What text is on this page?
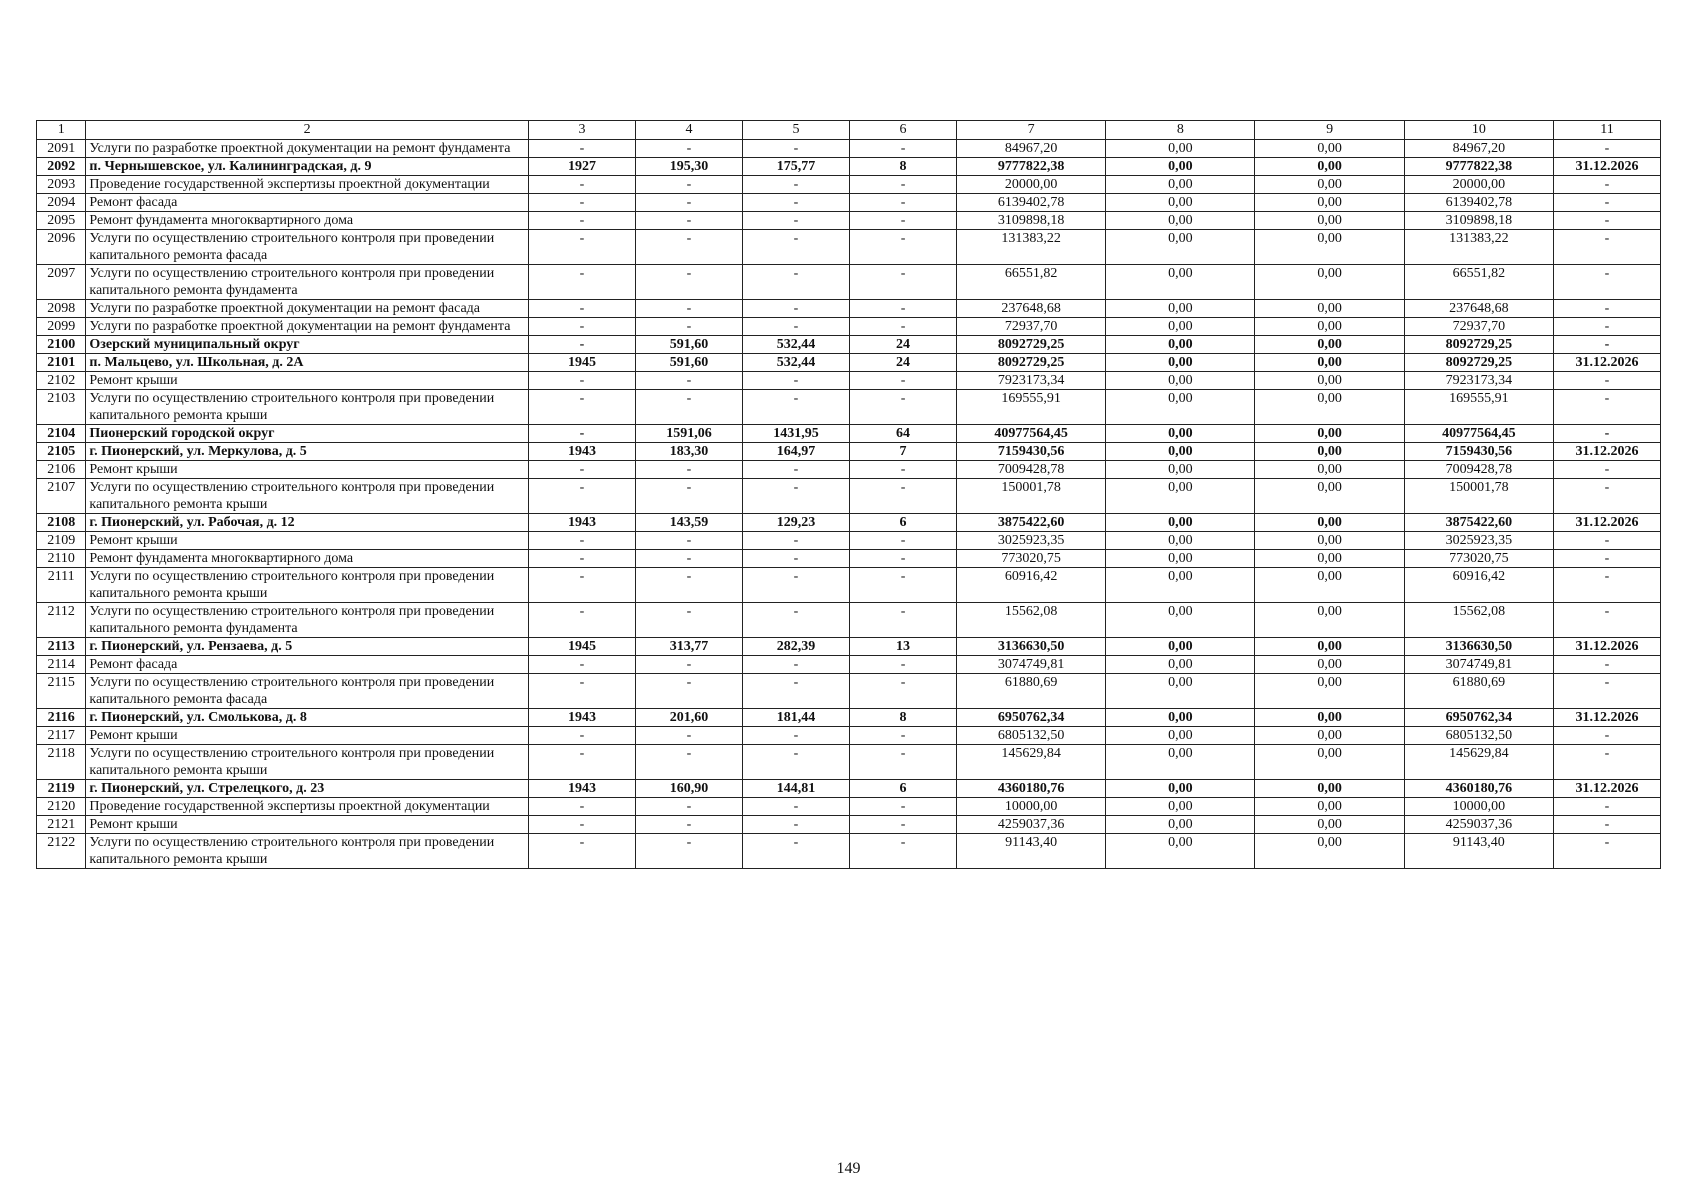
1	2	3	4	5	6	7	8	9	10	11
2091	Услуги по разработке проектной документации на ремонт фундамента	-	-	-	-	84967,20	0,00	0,00	84967,20	-
2092	п. Чернышевское, ул. Калининградская, д. 9	1927	195,30	175,77	8	9777822,38	0,00	0,00	9777822,38	31.12.2026
2093	Проведение государственной экспертизы проектной документации	-	-	-	-	20000,00	0,00	0,00	20000,00	-
2094	Ремонт фасада	-	-	-	-	6139402,78	0,00	0,00	6139402,78	-
2095	Ремонт фундамента многоквартирного дома	-	-	-	-	3109898,18	0,00	0,00	3109898,18	-
2096	Услуги по осуществлению строительного контроля при проведении капитального ремонта фасада	-	-	-	-	131383,22	0,00	0,00	131383,22	-
2097	Услуги по осуществлению строительного контроля при проведении капитального ремонта фундамента	-	-	-	-	66551,82	0,00	0,00	66551,82	-
2098	Услуги по разработке проектной документации на ремонт фасада	-	-	-	-	237648,68	0,00	0,00	237648,68	-
2099	Услуги по разработке проектной документации на ремонт фундамента	-	-	-	-	72937,70	0,00	0,00	72937,70	-
2100	Озерский муниципальный округ	-	591,60	532,44	24	8092729,25	0,00	0,00	8092729,25	-
2101	п. Мальцево, ул. Школьная, д. 2А	1945	591,60	532,44	24	8092729,25	0,00	0,00	8092729,25	31.12.2026
2102	Ремонт крыши	-	-	-	-	7923173,34	0,00	0,00	7923173,34	-
2103	Услуги по осуществлению строительного контроля при проведении капитального ремонта крыши	-	-	-	-	169555,91	0,00	0,00	169555,91	-
2104	Пионерский городской округ	-	1591,06	1431,95	64	40977564,45	0,00	0,00	40977564,45	-
2105	г. Пионерский, ул. Меркулова, д. 5	1943	183,30	164,97	7	7159430,56	0,00	0,00	7159430,56	31.12.2026
2106	Ремонт крыши	-	-	-	-	7009428,78	0,00	0,00	7009428,78	-
2107	Услуги по осуществлению строительного контроля при проведении капитального ремонта крыши	-	-	-	-	150001,78	0,00	0,00	150001,78	-
2108	г. Пионерский, ул. Рабочая, д. 12	1943	143,59	129,23	6	3875422,60	0,00	0,00	3875422,60	31.12.2026
2109	Ремонт крыши	-	-	-	-	3025923,35	0,00	0,00	3025923,35	-
2110	Ремонт фундамента многоквартирного дома	-	-	-	-	773020,75	0,00	0,00	773020,75	-
2111	Услуги по осуществлению строительного контроля при проведении капитального ремонта крыши	-	-	-	-	60916,42	0,00	0,00	60916,42	-
2112	Услуги по осуществлению строительного контроля при проведении капитального ремонта фундамента	-	-	-	-	15562,08	0,00	0,00	15562,08	-
2113	г. Пионерский, ул. Рензаева, д. 5	1945	313,77	282,39	13	3136630,50	0,00	0,00	3136630,50	31.12.2026
2114	Ремонт фасада	-	-	-	-	3074749,81	0,00	0,00	3074749,81	-
2115	Услуги по осуществлению строительного контроля при проведении капитального ремонта фасада	-	-	-	-	61880,69	0,00	0,00	61880,69	-
2116	г. Пионерский, ул. Смолькова, д. 8	1943	201,60	181,44	8	6950762,34	0,00	0,00	6950762,34	31.12.2026
2117	Ремонт крыши	-	-	-	-	6805132,50	0,00	0,00	6805132,50	-
2118	Услуги по осуществлению строительного контроля при проведении капитального ремонта крыши	-	-	-	-	145629,84	0,00	0,00	145629,84	-
2119	г. Пионерский, ул. Стрелецкого, д. 23	1943	160,90	144,81	6	4360180,76	0,00	0,00	4360180,76	31.12.2026
2120	Проведение государственной экспертизы проектной документации	-	-	-	-	10000,00	0,00	0,00	10000,00	-
2121	Ремонт крыши	-	-	-	-	4259037,36	0,00	0,00	4259037,36	-
2122	Услуги по осуществлению строительного контроля при проведении капитального ремонта крыши	-	-	-	-	91143,40	0,00	0,00	91143,40	-
149
